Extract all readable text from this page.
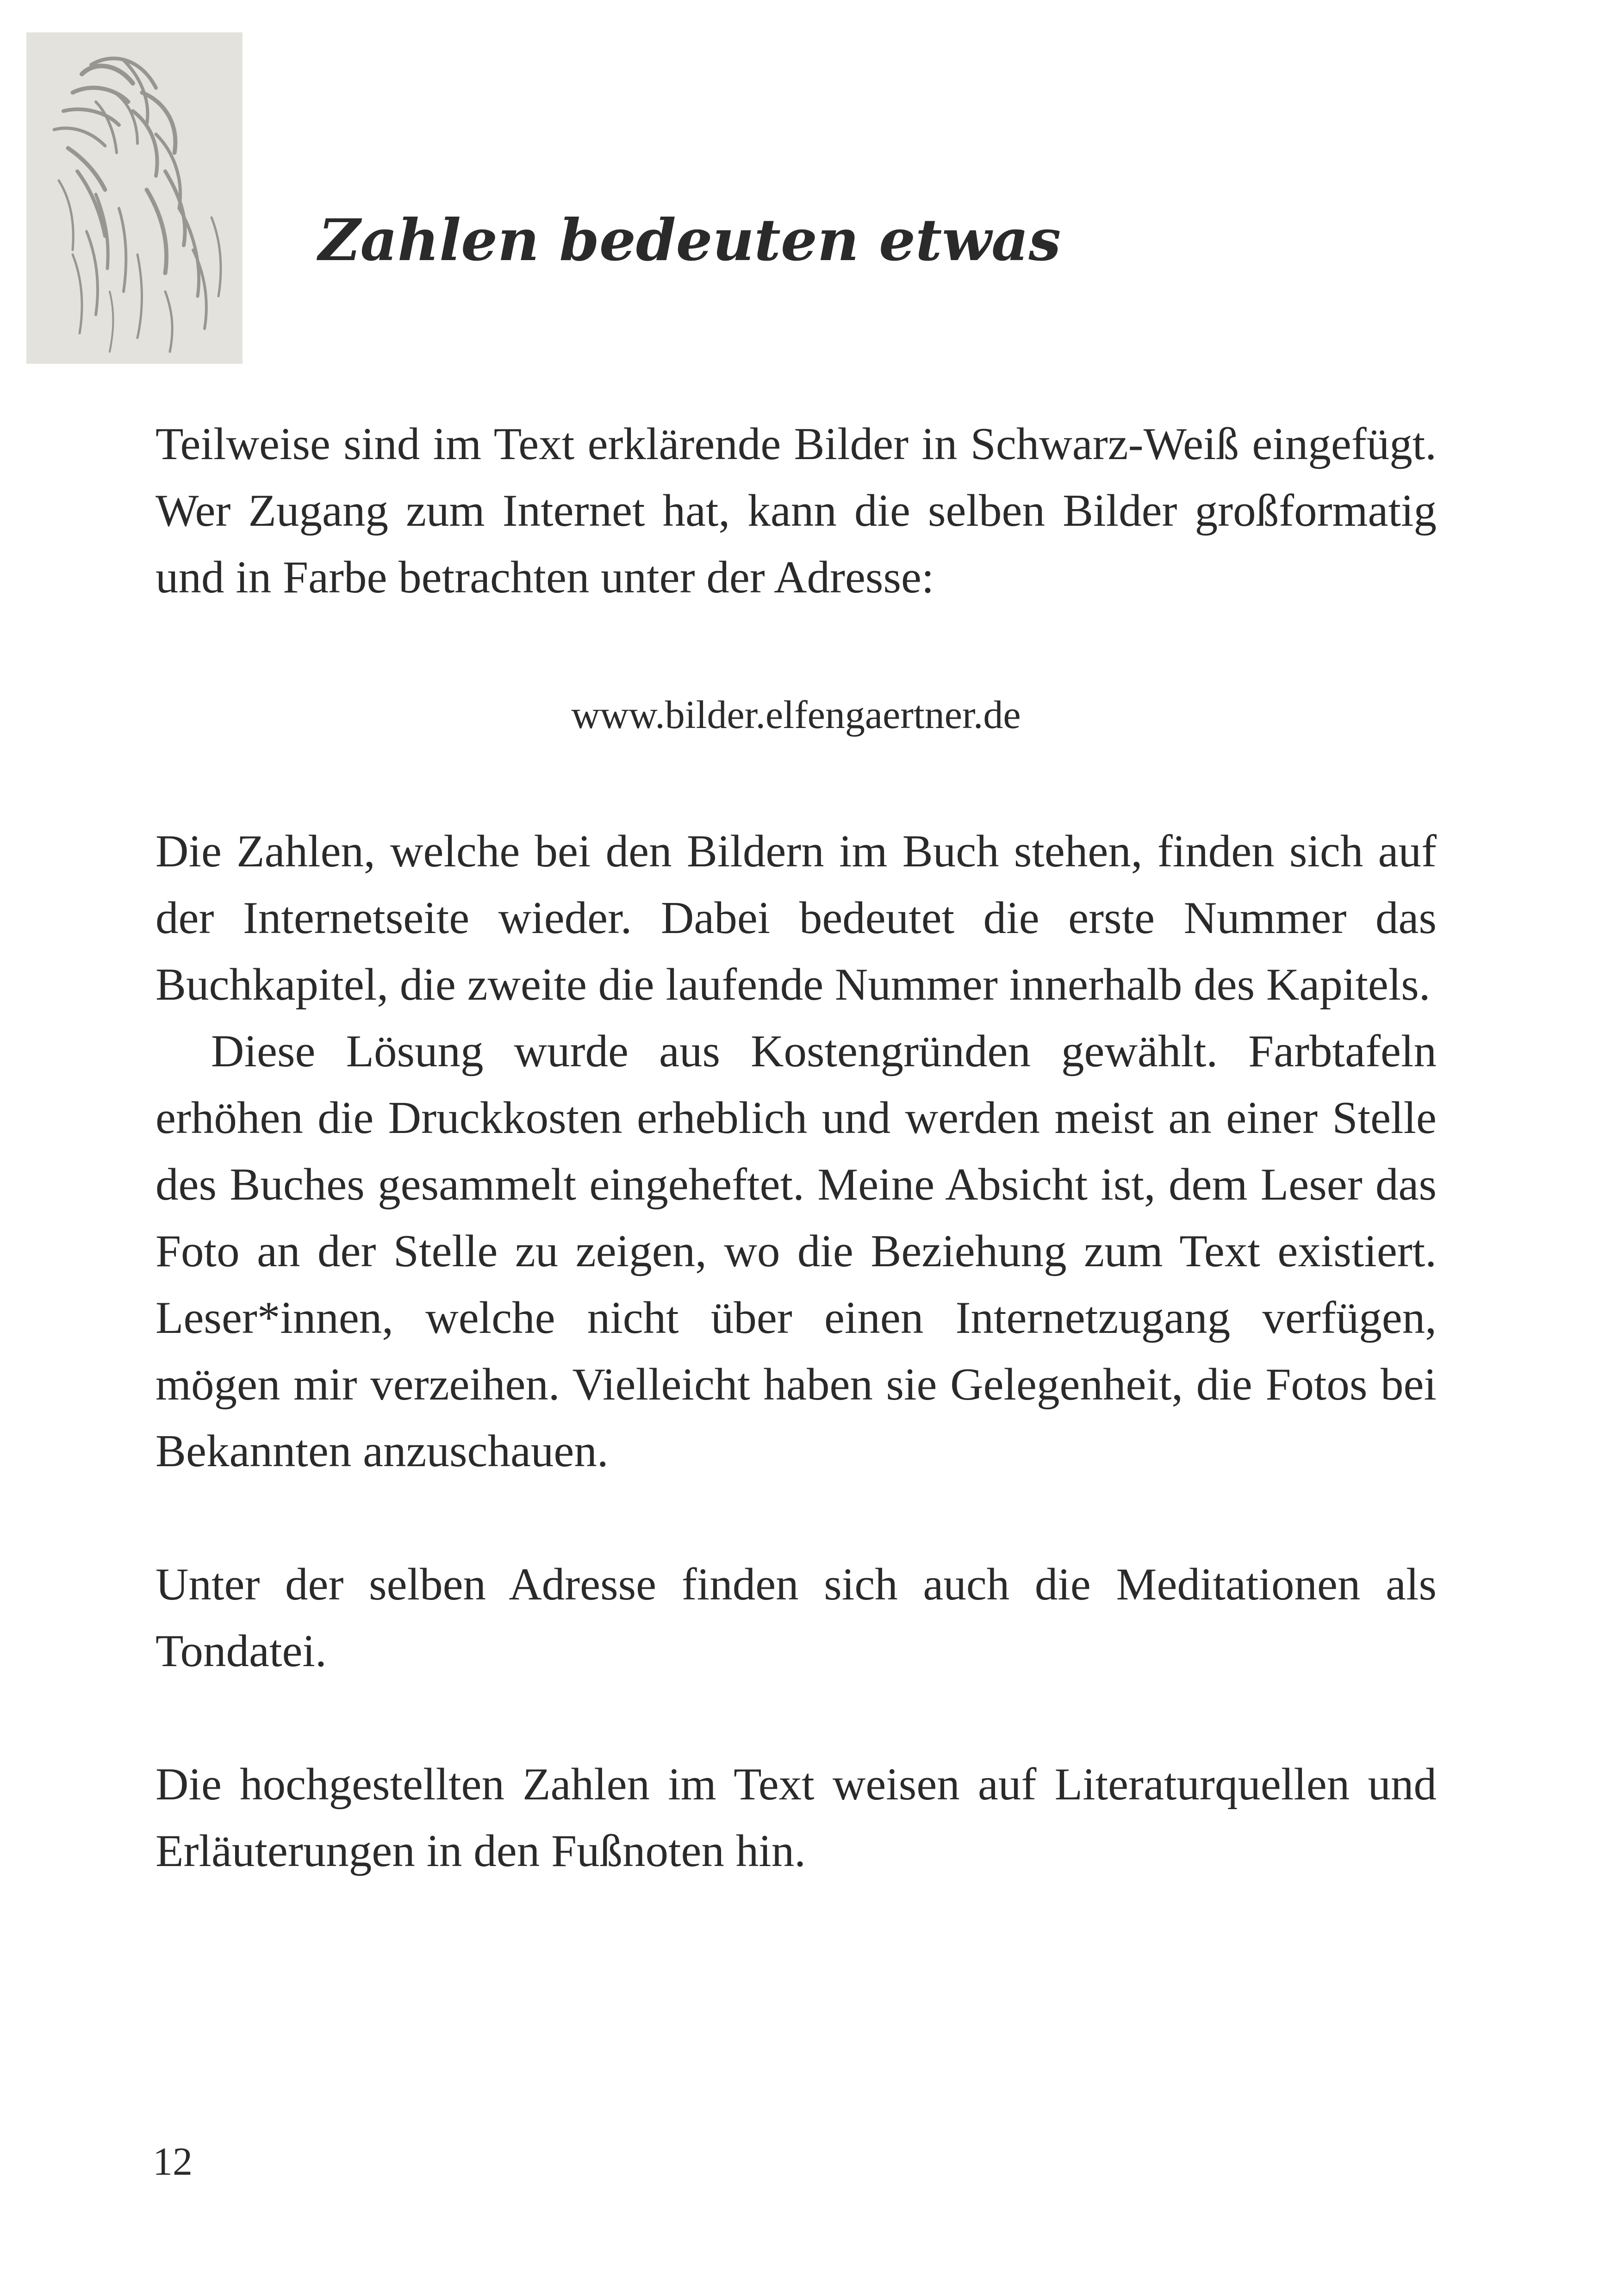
Zahlen bedeuten etwas

Teilweise sind im Text erklärende Bilder in Schwarz-Weiß eingefügt. Wer Zugang zum Internet hat, kann die selben Bilder großformatig und in Farbe betrachten unter der Adresse:

www.bilder.elfengaertner.de

Die Zahlen, welche bei den Bildern im Buch stehen, finden sich auf der Internetseite wieder. Dabei bedeutet die erste Nummer das Buchkapitel, die zweite die laufende Nummer innerhalb des Kapitels.

Diese Lösung wurde aus Kostengründen gewählt. Farbtafeln erhöhen die Druckkosten erheblich und werden meist an einer Stelle des Buches gesammelt eingeheftet. Meine Absicht ist, dem Leser das Foto an der Stelle zu zeigen, wo die Beziehung zum Text existiert. Leser*innen, welche nicht über einen Internetzugang verfügen, mögen mir verzeihen. Vielleicht haben sie Gelegenheit, die Fotos bei Bekannten anzuschauen.

Unter der selben Adresse finden sich auch die Meditationen als Tondatei.

Die hochgestellten Zahlen im Text weisen auf Literaturquellen und Erläuterungen in den Fußnoten hin.

12
